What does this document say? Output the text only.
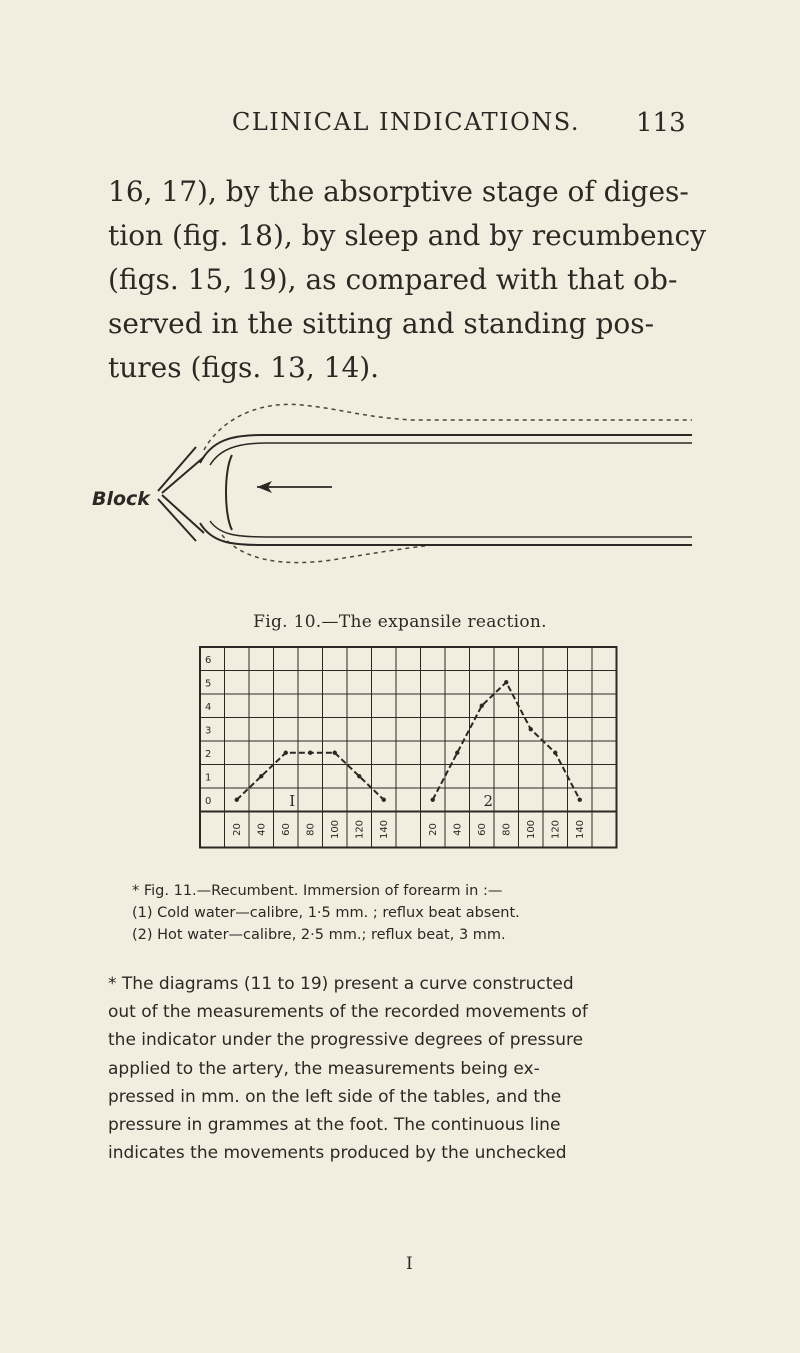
CLINICAL INDICATIONS. 113
16, 17), by the absorptive stage of diges-
tion (fig. 18), by sleep and by recumbency
(figs. 15, 19), as compared with that ob-
served in the sitting and standing pos-
tures (figs. 13, 14).
Block
Fig. 10.—The expansile reaction.
0
1
2
3
4
5
6
20 40 60 80 100 120 140
I
20 40 60 80 100 120 140
2
* Fig. 11.—Recumbent. Immersion of forearm in :—
(1) Cold water—calibre, 1·5 mm. ; reflux beat absent.
(2) Hot water—calibre, 2·5 mm.; reflux beat, 3 mm.
* The diagrams (11 to 19) present a curve constructed
out of the measurements of the recorded movements of
the indicator under the progressive degrees of pressure
applied to the artery, the measurements being ex-
pressed in mm. on the left side of the tables, and the
pressure in grammes at the foot. The continuous line
indicates the movements produced by the unchecked
I
